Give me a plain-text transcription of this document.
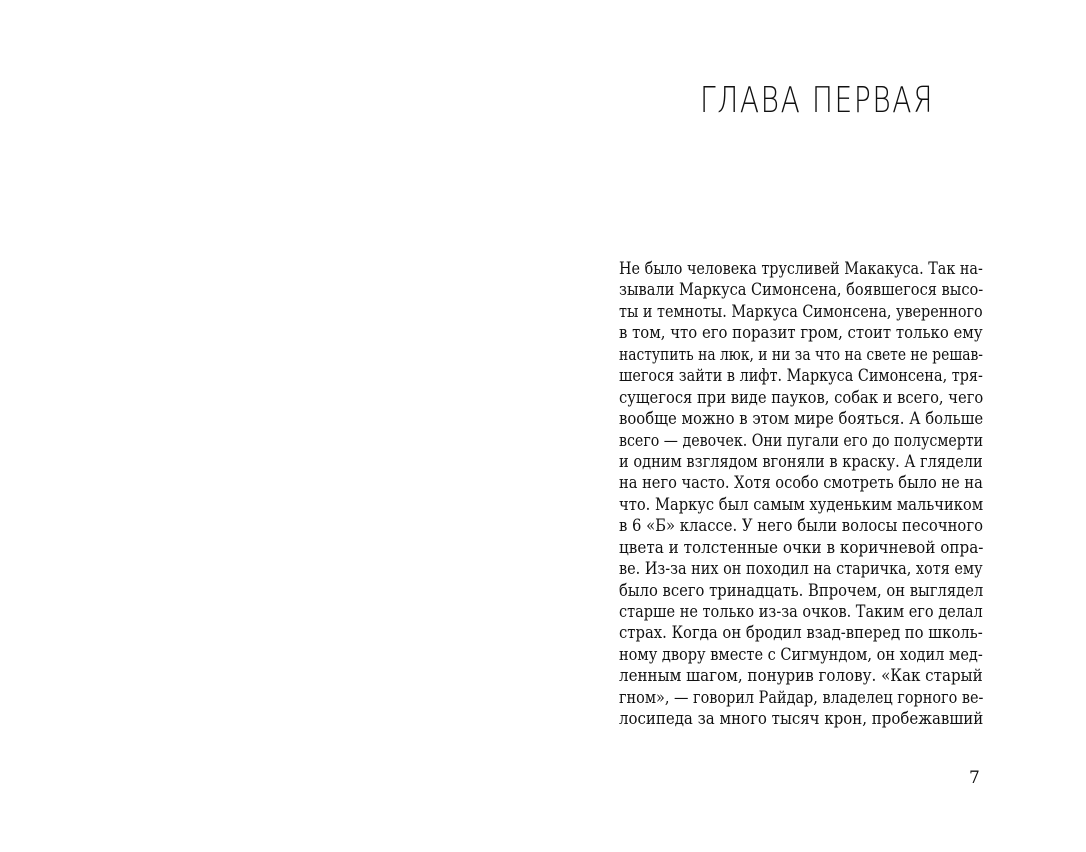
ГЛАВА ПЕРВАЯ
Не было человека трусливей Макакуса. Так на-
зывали Маркуса Симонсена, боявшегося высо-
ты и темноты. Маркуса Симонсена, уверенного
в том, что его поразит гром, стоит только ему
наступить на люк, и ни за что на свете не решав-
шегося зайти в лифт. Маркуса Симонсена, тря-
сущегося при виде пауков, собак и всего, чего
вообще можно в этом мире бояться. А больше
всего — девочек. Они пугали его до полусмерти
и одним взглядом вгоняли в краску. А глядели
на него часто. Хотя особо смотреть было не на
что. Маркус был самым худеньким мальчиком
в 6 «Б» классе. У него были волосы песочного
цвета и толстенные очки в коричневой опра-
ве. Из-за них он походил на старичка, хотя ему
было всего тринадцать. Впрочем, он выглядел
старше не только из-за очков. Таким его делал
страх. Когда он бродил взад-вперед по школь-
ному двору вместе с Сигмундом, он ходил мед-
ленным шагом, понурив голову. «Как старый
гном», — говорил Райдар, владелец горного ве-
лосипеда за много тысяч крон, пробежавший
7
